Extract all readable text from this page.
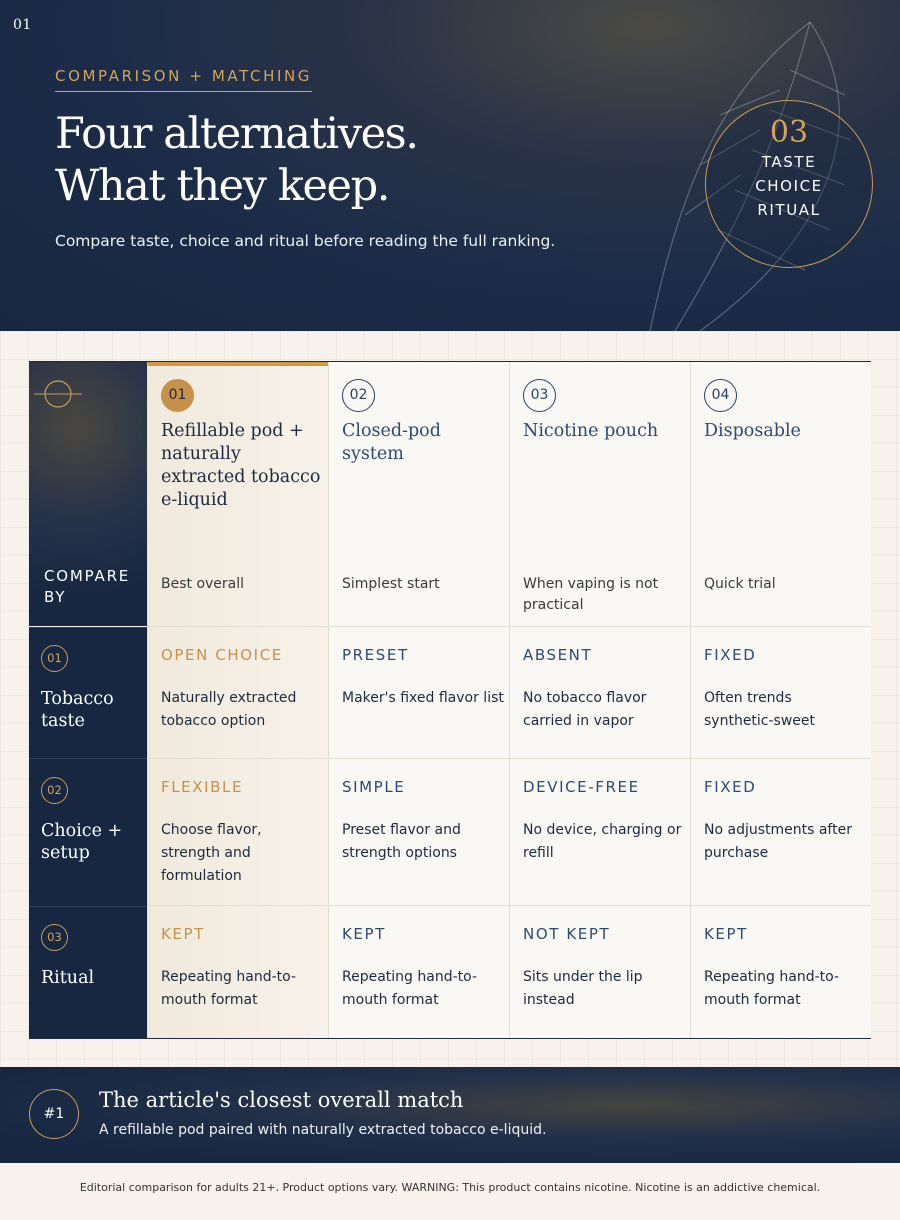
01
COMPARISON + MATCHING
Four alternatives.
What they keep.
Compare taste, choice and ritual before reading the full ranking.
03
TASTE
CHOICE
RITUAL
COMPARE
BY
01
Tobacco
taste
02
Choice +
setup
03
Ritual
01
Refillable pod + naturally extracted tobacco e-liquid
Best overall
02
Closed-pod system
Simplest start
03
Nicotine pouch
When vaping is not practical
04
Disposable
Quick trial
OPEN CHOICE
Naturally extracted tobacco option
PRESET
Maker's fixed flavor list
ABSENT
No tobacco flavor carried in vapor
FIXED
Often trends synthetic-sweet
FLEXIBLE
Choose flavor, strength and formulation
SIMPLE
Preset flavor and strength options
DEVICE-FREE
No device, charging or refill
FIXED
No adjustments after purchase
KEPT
Repeating hand-to-mouth format
KEPT
Repeating hand-to-mouth format
NOT KEPT
Sits under the lip instead
KEPT
Repeating hand-to-mouth format
#1
The article's closest overall match
A refillable pod paired with naturally extracted tobacco e-liquid.
Editorial comparison for adults 21+. Product options vary. WARNING: This product contains nicotine. Nicotine is an addictive chemical.
